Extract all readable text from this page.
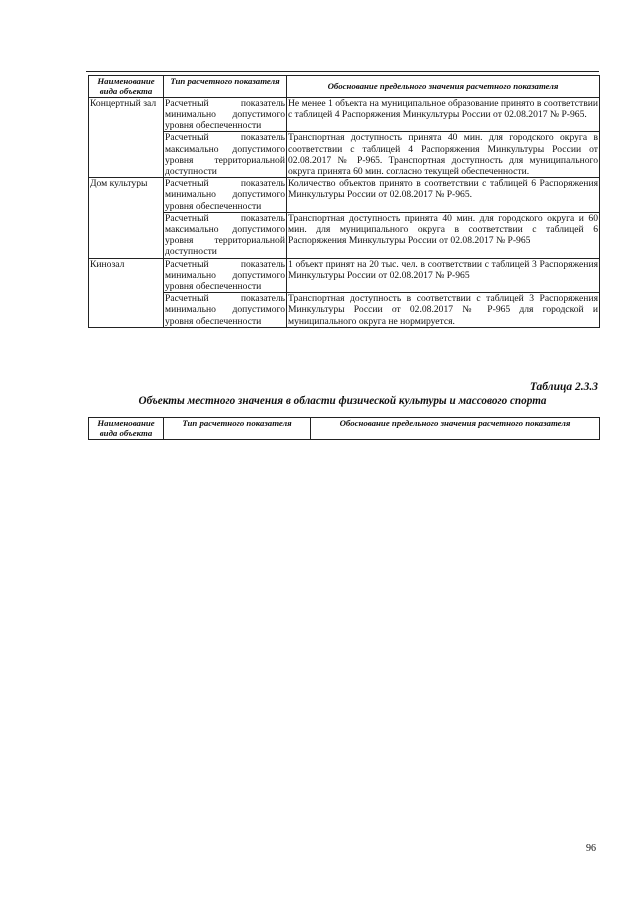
Наименование вида объекта	Тип расчетного показателя	Обоснование предельного значения расчетного показателя
Концертный зал	Расчетный показатель минимально допустимого уровня обеспеченности	Не менее 1 объекта на муниципальное образование принято в соответствии с таблицей 4 Распоряжения Минкультуры России от 02.08.2017 № Р-965.
	Расчетный показатель максимально допустимого уровня территориальной доступности	Транспортная доступность принята 40 мин. для городского округа в соответствии с таблицей 4 Распоряжения Минкультуры России от 02.08.2017 № Р-965. Транспортная доступность для муниципального округа принята 60 мин. согласно текущей обеспеченности.
Дом культуры	Расчетный показатель минимально допустимого уровня обеспеченности	Количество объектов принято в соответствии с таблицей 6 Распоряжения Минкультуры России от 02.08.2017 № Р-965.
	Расчетный показатель максимально допустимого уровня территориальной доступности	Транспортная доступность принята 40 мин. для городского округа и 60 мин. для муниципального округа в соответствии с таблицей 6 Распоряжения Минкультуры России от 02.08.2017 № Р-965
Кинозал	Расчетный показатель минимально допустимого уровня обеспеченности	1 объект принят на 20 тыс. чел. в соответствии с таблицей 3 Распоряжения Минкультуры России от 02.08.2017 № Р-965
	Расчетный показатель минимально допустимого уровня обеспеченности	Транспортная доступность в соответствии с таблицей 3 Распоряжения Минкультуры России от 02.08.2017 № Р-965 для городской и муниципального округа не нормируется.
Таблица 2.3.3
Объекты местного значения в области физической культуры и массового спорта
Наименование вида объекта	Тип расчетного показателя	Обоснование предельного значения расчетного показателя
96
